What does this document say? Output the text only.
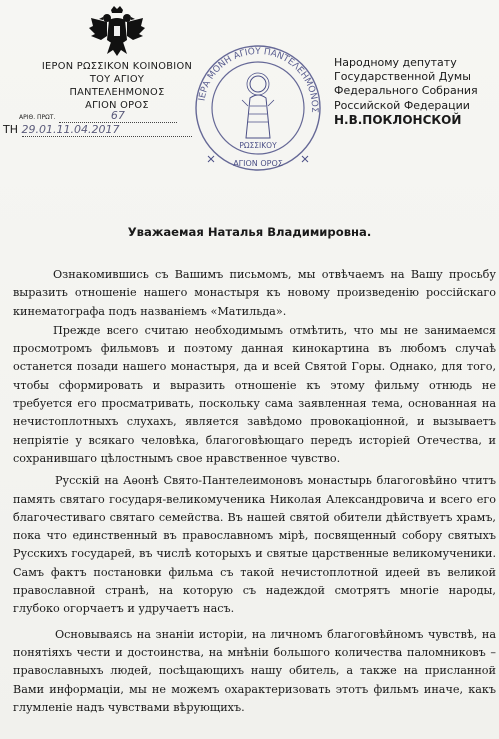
ΙΕΡΟΝ ΡΩΣΣΙΚΟΝ ΚΟΙΝΟΒΙΟΝ
ΤΟΥ ΑΓΙΟΥ
ΠΑΝΤΕΛΕΗΜΟΝΟΣ
ΑΓΙΟΝ ΟΡΟΣ
ΑΡΙΘ. ΠΡΩΤ.	67
ΤΗ 29.01.11.04.2017
ΙΕΡΑ ΜΟΝΗ ΑΓΙΟΥ ΠΑΝΤΕΛΕΗΜΟΝΟΣ
ΡΩΣΣΙΚΟΥ
ΑΓΙΟΝ ΟΡΟΣ
Народному депутату
Государственной Думы
Федерального Собрания
Российской Федерации
Н.В.ПОКЛОНСКОЙ
Уважаемая Наталья Владимировна.

Ознакомившись съ Вашимъ письмомъ, мы отвѣчаемъ на Вашу просьбу выразить отношеніе нашего монастыря къ новому произведенію россійскаго кинематографа подъ названіемъ «Матильда».

Прежде всего считаю необходимымъ отмѣтить, что мы не занимаемся просмотромъ фильмовъ и поэтому данная кинокартина въ любомъ случаѣ останется позади нашего монастыря, да и всей Святой Горы. Однако, для того, чтобы сформировать и выразить отношеніе къ этому фильму отнюдь не требуется его просматривать, поскольку сама заявленная тема, основанная на нечистоплотныхъ слухахъ, является завѣдомо провокаціонной, и вызываетъ непріятіе у всякаго человѣка, благоговѣющаго передъ исторіей Отечества, и сохранившаго цѣлостнымъ свое нравственное чувство.

Русскій на Аѳонѣ Свято-Пантелеимоновъ монастырь благоговѣйно чтитъ память святаго государя-великомученика Николая Александровича и всего его благочестиваго святаго семейства. Въ нашей святой обители дѣйствуетъ храмъ, пока что единственный въ православномъ мірѣ, посвященный собору святыхъ Русскихъ государей, въ числѣ которыхъ и святые царственные великомученики. Самъ фактъ постановки фильма съ такой нечистоплотной идеей въ великой православной странѣ, на которую съ надеждой смотрятъ многіе народы, глубоко огорчаетъ и удручаетъ насъ.

Основываясь на знаніи исторіи, на личномъ благоговѣйномъ чувствѣ, на понятіяхъ чести и достоинства, на мнѣніи большого количества паломниковъ – православныхъ людей, посѣщающихъ нашу обитель, а также на присланной Вами информаціи, мы не можемъ охарактеризовать этотъ фильмъ иначе, какъ глумленіе надъ чувствами вѣрующихъ.
